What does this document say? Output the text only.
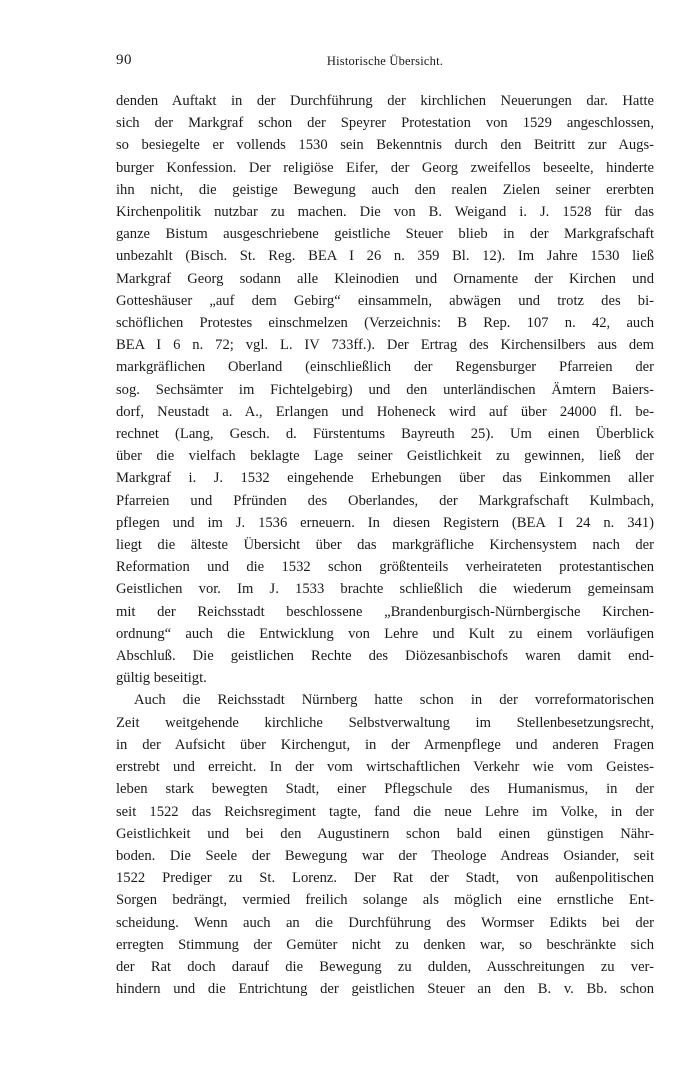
90	Historische Übersicht.

denden Auftakt in der Durchführung der kirchlichen Neuerungen dar. Hatte

sich der Markgraf schon der Speyrer Protestation von 1529 angeschlossen,

so besiegelte er vollends 1530 sein Bekenntnis durch den Beitritt zur Augs-

burger Konfession. Der religiöse Eifer, der Georg zweifellos beseelte, hinderte

ihn nicht, die geistige Bewegung auch den realen Zielen seiner ererbten

Kirchenpolitik nutzbar zu machen. Die von B. Weigand i. J. 1528 für das

ganze Bistum ausgeschriebene geistliche Steuer blieb in der Markgrafschaft

unbezahlt (Bisch. St. Reg. BEA I 26 n. 359 Bl. 12). Im Jahre 1530 ließ

Markgraf Georg sodann alle Kleinodien und Ornamente der Kirchen und

Gotteshäuser „auf dem Gebirg“ einsammeln, abwägen und trotz des bi-

schöflichen Protestes einschmelzen (Verzeichnis: B Rep. 107 n. 42, auch

BEA I 6 n. 72; vgl. L. IV 733ff.). Der Ertrag des Kirchensilbers aus dem

markgräflichen Oberland (einschließlich der Regensburger Pfarreien der

sog. Sechsämter im Fichtelgebirg) und den unterländischen Ämtern Baiers-

dorf, Neustadt a. A., Erlangen und Hoheneck wird auf über 24000 fl. be-

rechnet (Lang, Gesch. d. Fürstentums Bayreuth 25). Um einen Überblick

über die vielfach beklagte Lage seiner Geistlichkeit zu gewinnen, ließ der

Markgraf i. J. 1532 eingehende Erhebungen über das Einkommen aller

Pfarreien und Pfründen des Oberlandes, der Markgrafschaft Kulmbach,

pflegen und im J. 1536 erneuern. In diesen Registern (BEA I 24 n. 341)

liegt die älteste Übersicht über das markgräfliche Kirchensystem nach der

Reformation und die 1532 schon größtenteils verheirateten protestantischen

Geistlichen vor. Im J. 1533 brachte schließlich die wiederum gemeinsam

mit der Reichsstadt beschlossene „Brandenburgisch-Nürnbergische Kirchen-

ordnung“ auch die Entwicklung von Lehre und Kult zu einem vorläufigen

Abschluß. Die geistlichen Rechte des Diözesanbischofs waren damit end-

gültig beseitigt.

Auch die Reichsstadt Nürnberg hatte schon in der vorreformatorischen

Zeit weitgehende kirchliche Selbstverwaltung im Stellenbesetzungsrecht,

in der Aufsicht über Kirchengut, in der Armenpflege und anderen Fragen

erstrebt und erreicht. In der vom wirtschaftlichen Verkehr wie vom Geistes-

leben stark bewegten Stadt, einer Pflegschule des Humanismus, in der

seit 1522 das Reichsregiment tagte, fand die neue Lehre im Volke, in der

Geistlichkeit und bei den Augustinern schon bald einen günstigen Nähr-

boden. Die Seele der Bewegung war der Theologe Andreas Osiander, seit

1522 Prediger zu St. Lorenz. Der Rat der Stadt, von außenpolitischen

Sorgen bedrängt, vermied freilich solange als möglich eine ernstliche Ent-

scheidung. Wenn auch an die Durchführung des Wormser Edikts bei der

erregten Stimmung der Gemüter nicht zu denken war, so beschränkte sich

der Rat doch darauf die Bewegung zu dulden, Ausschreitungen zu ver-

hindern und die Entrichtung der geistlichen Steuer an den B. v. Bb. schon
